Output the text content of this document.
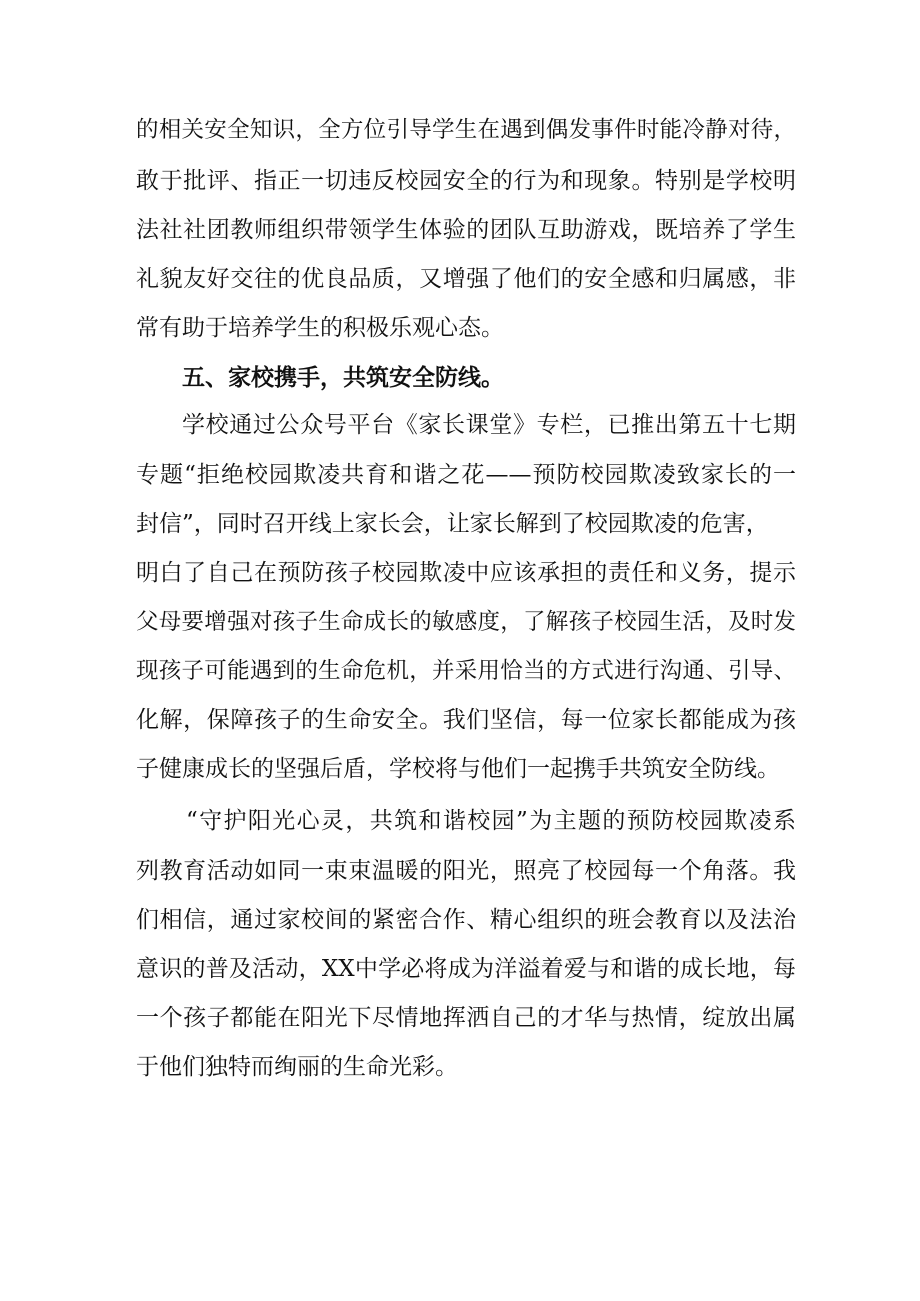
的相关安全知识，全方位引导学生在遇到偶发事件时能冷静对待，
敢于批评、指正一切违反校园安全的行为和现象。特别是学校明
法社社团教师组织带领学生体验的团队互助游戏，既培养了学生
礼貌友好交往的优良品质，又增强了他们的安全感和归属感，非
常有助于培养学生的积极乐观心态。
五、家校携手，共筑安全防线。
学校通过公众号平台《家长课堂》专栏，已推出第五十七期
专题“拒绝校园欺凌共育和谐之花——预防校园欺凌致家长的一
封信”，同时召开线上家长会，让家长解到了校园欺凌的危害，
明白了自己在预防孩子校园欺凌中应该承担的责任和义务，提示
父母要增强对孩子生命成长的敏感度，了解孩子校园生活，及时发
现孩子可能遇到的生命危机，并采用恰当的方式进行沟通、引导、
化解，保障孩子的生命安全。我们坚信，每一位家长都能成为孩
子健康成长的坚强后盾，学校将与他们一起携手共筑安全防线。
“守护阳光心灵，共筑和谐校园”为主题的预防校园欺凌系
列教育活动如同一束束温暖的阳光，照亮了校园每一个角落。我
们相信，通过家校间的紧密合作、精心组织的班会教育以及法治
意识的普及活动，XX中学必将成为洋溢着爱与和谐的成长地，每
一个孩子都能在阳光下尽情地挥洒自己的才华与热情，绽放出属
于他们独特而绚丽的生命光彩。
